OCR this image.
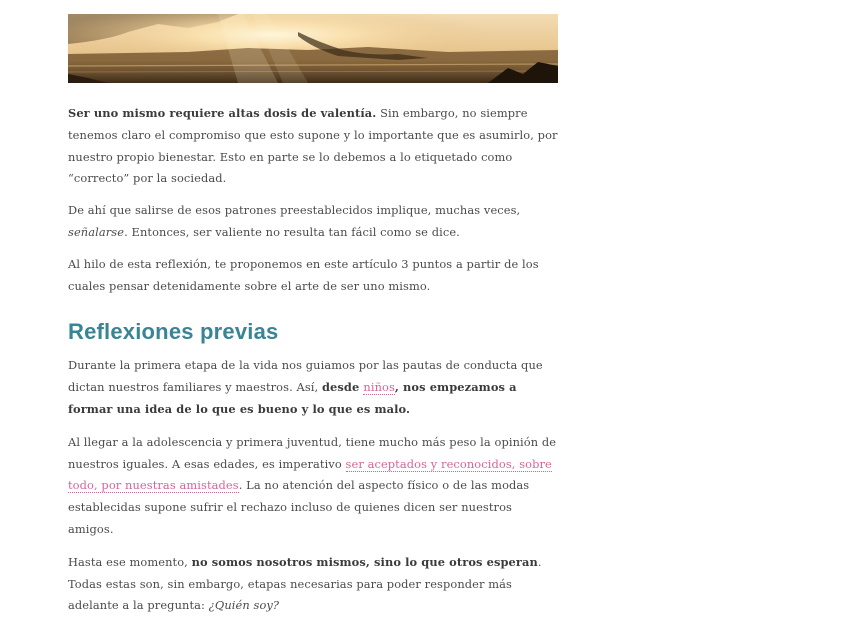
Ser uno mismo requiere altas dosis de valentía. Sin embargo, no siempre tenemos claro el compromiso que esto supone y lo importante que es asumirlo, por nuestro propio bienestar. Esto en parte se lo debemos a lo etiquetado como “correcto” por la sociedad.

De ahí que salirse de esos patrones preestablecidos implique, muchas veces, señalarse. Entonces, ser valiente no resulta tan fácil como se dice.

Al hilo de esta reflexión, te proponemos en este artículo 3 puntos a partir de los cuales pensar detenidamente sobre el arte de ser uno mismo.

Reflexiones previas

Durante la primera etapa de la vida nos guiamos por las pautas de conducta que dictan nuestros familiares y maestros. Así, desde niños, nos empezamos a formar una idea de lo que es bueno y lo que es malo.

Al llegar a la adolescencia y primera juventud, tiene mucho más peso la opinión de nuestros iguales. A esas edades, es imperativo ser aceptados y reconocidos, sobre todo, por nuestras amistades. La no atención del aspecto físico o de las modas establecidas supone sufrir el rechazo incluso de quienes dicen ser nuestros amigos.

Hasta ese momento, no somos nosotros mismos, sino lo que otros esperan. Todas estas son, sin embargo, etapas necesarias para poder responder más adelante a la pregunta: ¿Quién soy?
